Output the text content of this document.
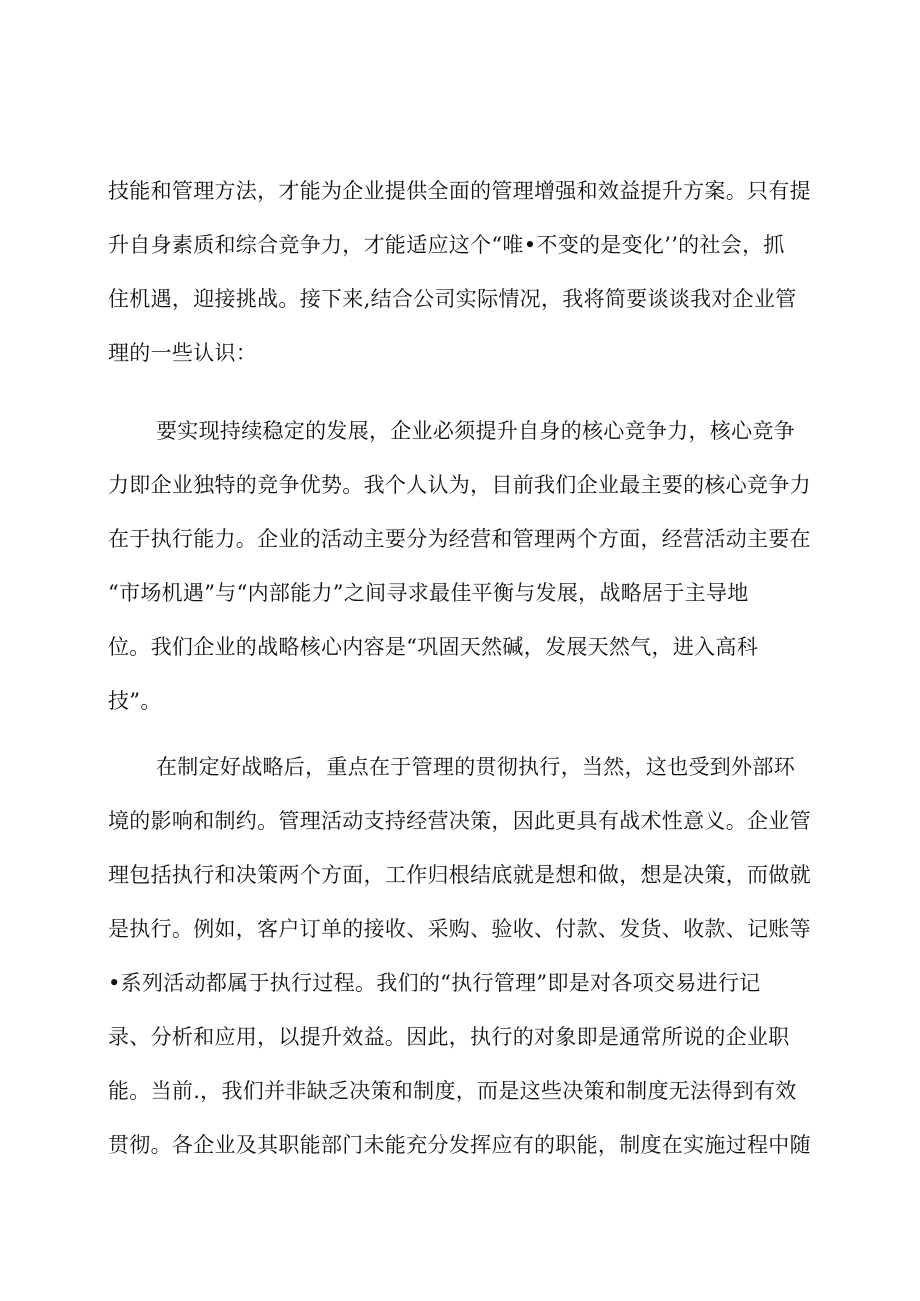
技能和管理方法，才能为企业提供全面的管理增强和效益提升方案。只有提
升自身素质和综合竞争力，才能适应这个“唯•不变的是变化’’的社会，抓
住机遇，迎接挑战。接下来,结合公司实际情况，我将简要谈谈我对企业管
理的一些认识：
要实现持续稳定的发展，企业必须提升自身的核心竞争力，核心竞争
力即企业独特的竞争优势。我个人认为，目前我们企业最主要的核心竞争力
在于执行能力。企业的活动主要分为经营和管理两个方面，经营活动主要在
“市场机遇”与“内部能力”之间寻求最佳平衡与发展，战略居于主导地
位。我们企业的战略核心内容是“巩固天然碱，发展天然气，进入高科
技”。
在制定好战略后，重点在于管理的贯彻执行，当然，这也受到外部环
境的影响和制约。管理活动支持经营决策，因此更具有战术性意义。企业管
理包括执行和决策两个方面，工作归根结底就是想和做，想是决策，而做就
是执行。例如，客户订单的接收、采购、验收、付款、发货、收款、记账等
•系列活动都属于执行过程。我们的“执行管理”即是对各项交易进行记
录、分析和应用，以提升效益。因此，执行的对象即是通常所说的企业职
能。当前.，我们并非缺乏决策和制度，而是这些决策和制度无法得到有效
贯彻。各企业及其职能部门未能充分发挥应有的职能，制度在实施过程中随
